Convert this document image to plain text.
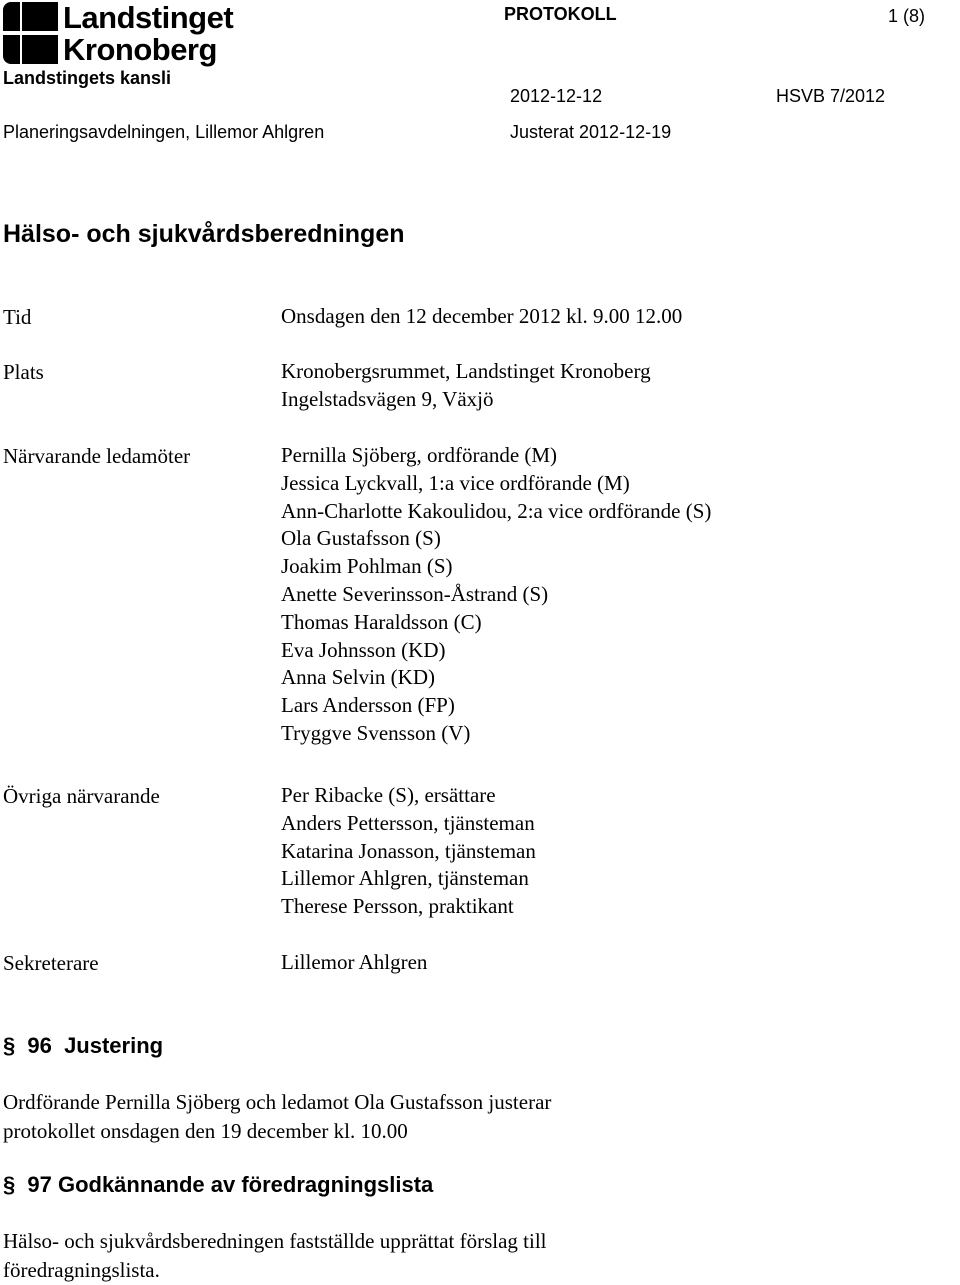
Landstinget
Kronoberg
PROTOKOLL	1 (8)
Landstingets kansli
2012-12-12	HSVB 7/2012
Planeringsavdelningen, Lillemor Ahlgren	Justerat 2012-12-19
Hälso- och sjukvårdsberedningen
Tid	Onsdagen den 12 december 2012 kl. 9.00 12.00
Plats	Kronobergsrummet, Landstinget Kronoberg
Ingelstadsvägen 9, Växjö
Närvarande ledamöter	Pernilla Sjöberg, ordförande (M)
Jessica Lyckvall, 1:a vice ordförande (M)
Ann-Charlotte Kakoulidou, 2:a vice ordförande (S)
Ola Gustafsson (S)
Joakim Pohlman (S)
Anette Severinsson-Åstrand (S)
Thomas Haraldsson (C)
Eva Johnsson (KD)
Anna Selvin (KD)
Lars Andersson (FP)
Tryggve Svensson (V)
Övriga närvarande	Per Ribacke (S), ersättare
Anders Pettersson, tjänsteman
Katarina Jonasson, tjänsteman
Lillemor Ahlgren, tjänsteman
Therese Persson, praktikant
Sekreterare	Lillemor Ahlgren
§ 96  Justering
Ordförande Pernilla Sjöberg och ledamot Ola Gustafsson justerar
protokollet onsdagen den 19 december kl. 10.00
§ 97 Godkännande av föredragningslista
Hälso- och sjukvårdsberedningen fastställde upprättat förslag till
föredragningslista.
